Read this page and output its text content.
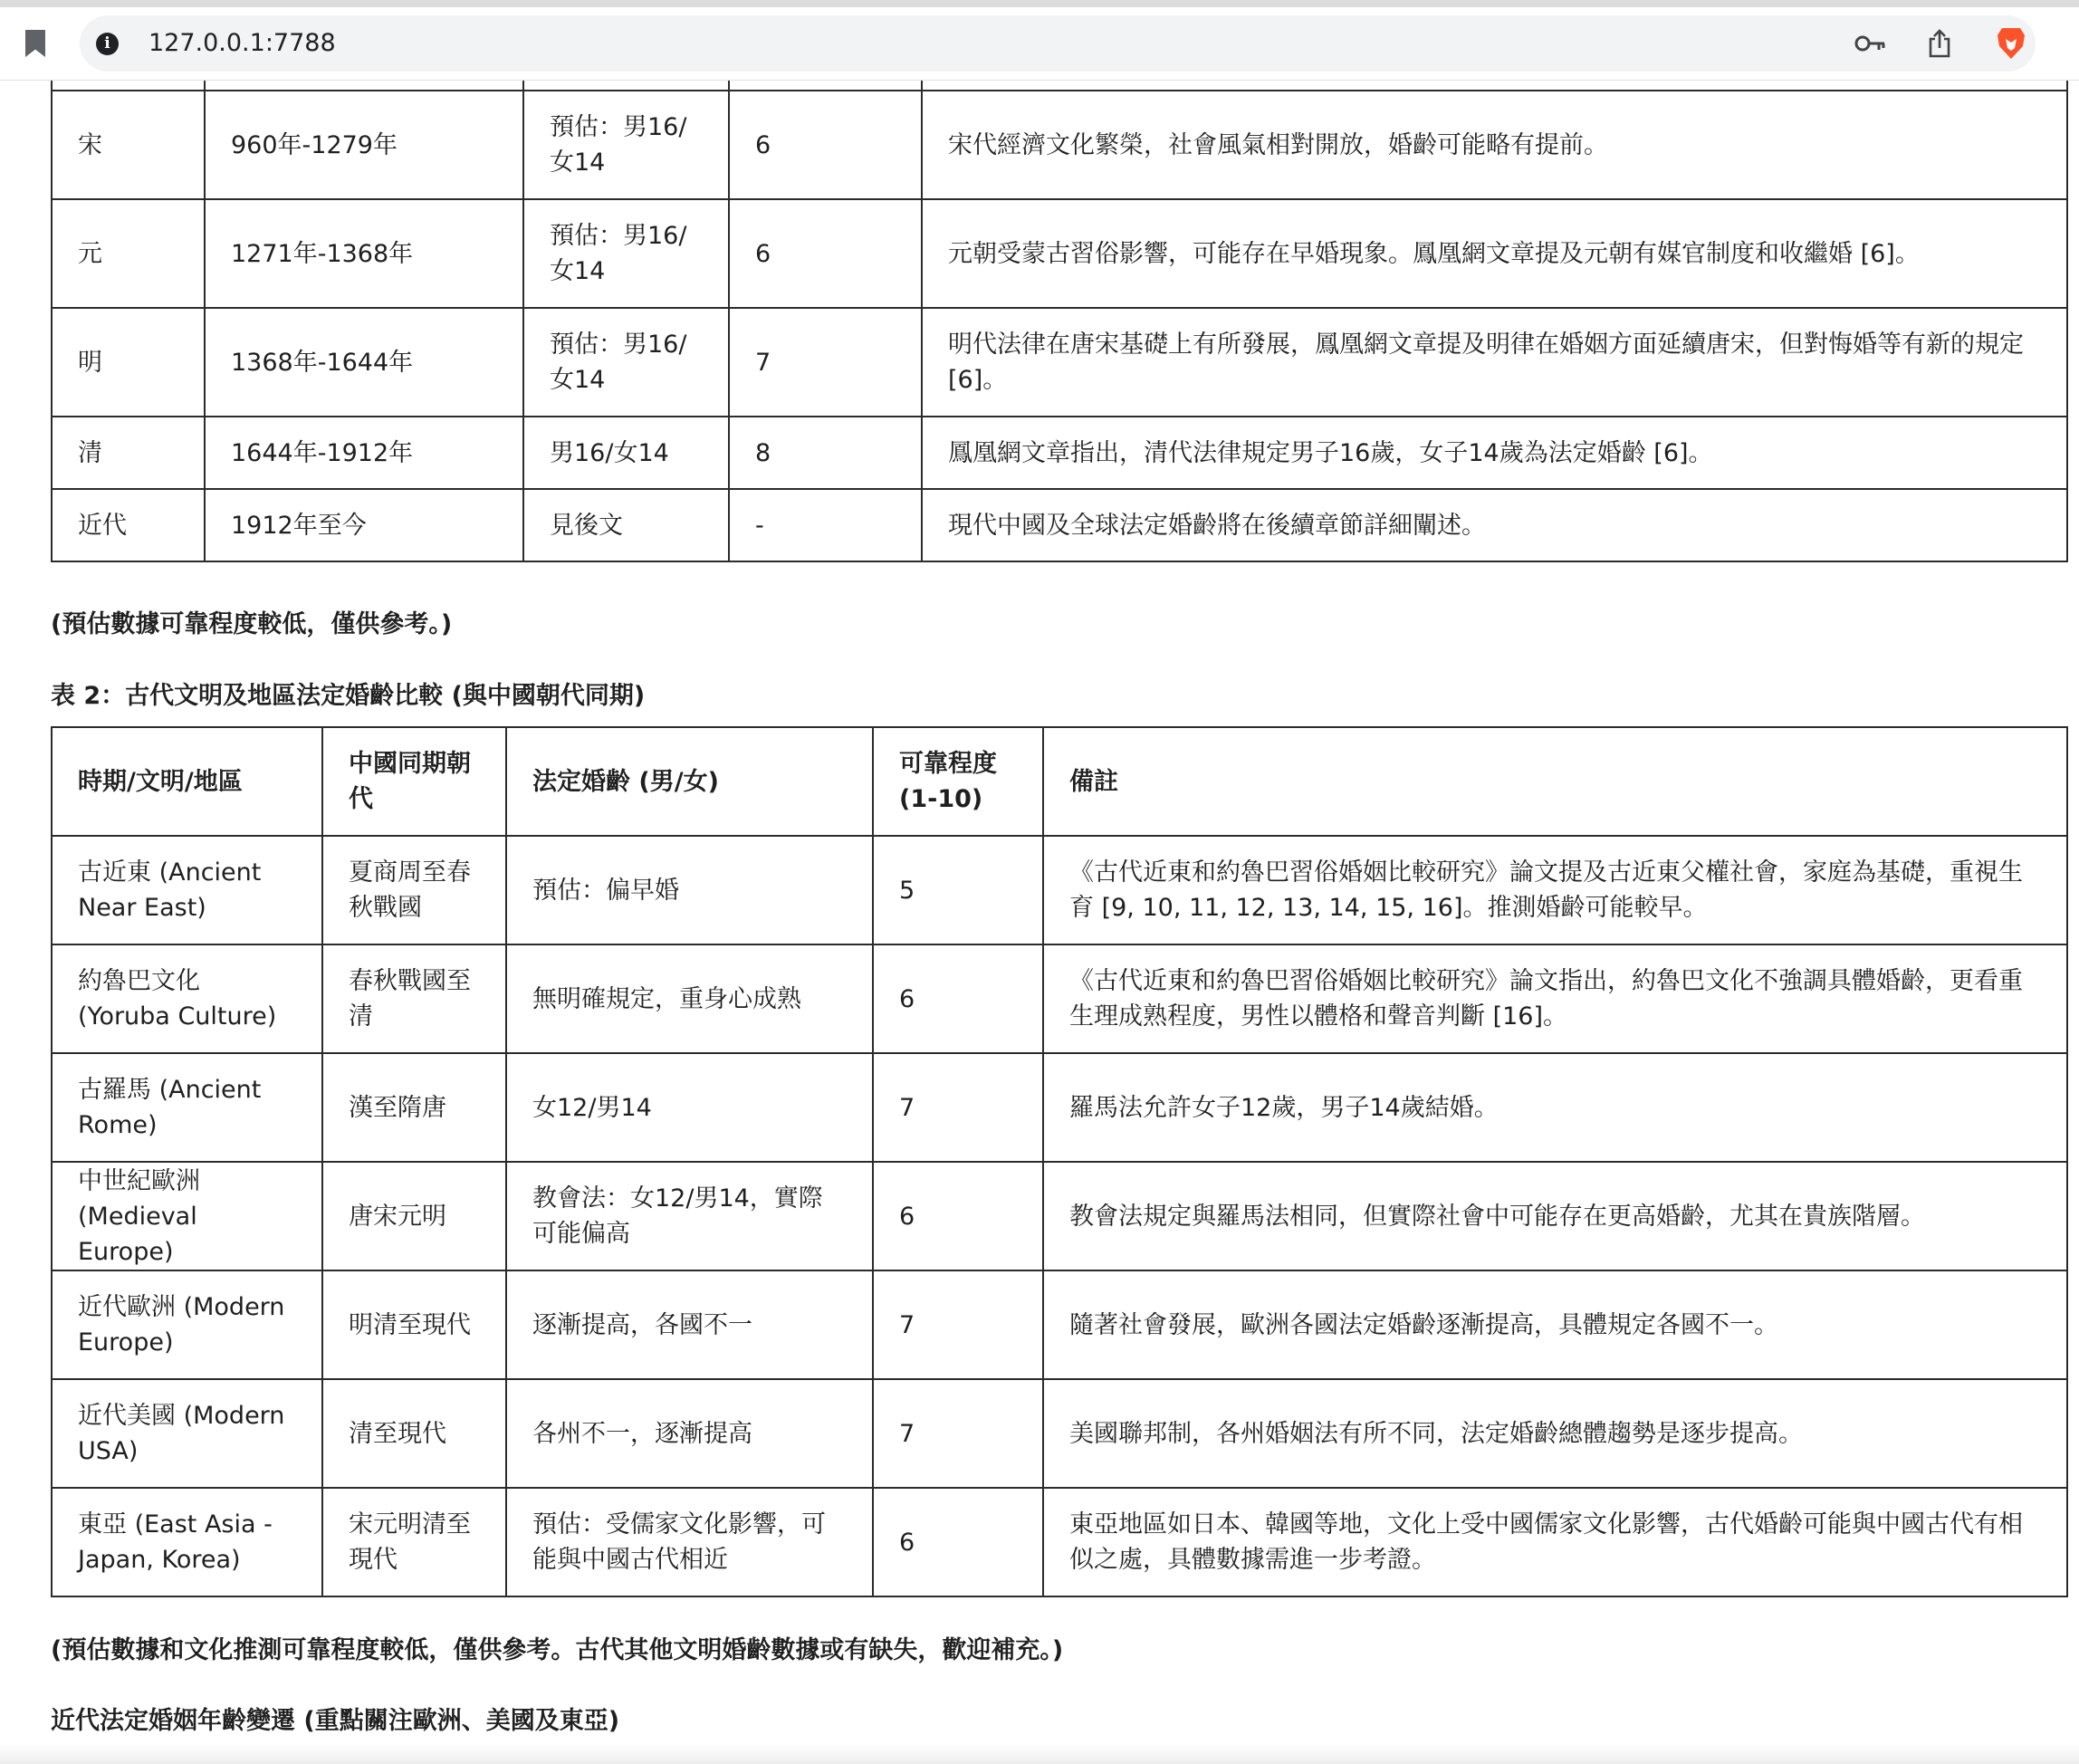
i	127.0.0.1:7788

宋	960年-1279年	預估：男16/女14	6	宋代經濟文化繁榮，社會風氣相對開放，婚齡可能略有提前。
元	1271年-1368年	預估：男16/女14	6	元朝受蒙古習俗影響，可能存在早婚現象。鳳凰網文章提及元朝有媒官制度和收繼婚 [6]。
明	1368年-1644年	預估：男16/女14	7	明代法律在唐宋基礎上有所發展，鳳凰網文章提及明律在婚姻方面延續唐宋，但對悔婚等有新的規定 [6]。
清	1644年-1912年	男16/女14	8	鳳凰網文章指出，清代法律規定男子16歲，女子14歲為法定婚齡 [6]。
近代	1912年至今	見後文	-	現代中國及全球法定婚齡將在後續章節詳細闡述。
(預估數據可靠程度較低，僅供參考。)
表 2：古代文明及地區法定婚齡比較 (與中國朝代同期)
時期/文明/地區	中國同期朝代	法定婚齡 (男/女)	可靠程度 (1-10)	備註
古近東 (Ancient Near East)	夏商周至春秋戰國	預估：偏早婚	5	《古代近東和約魯巴習俗婚姻比較研究》論文提及古近東父權社會，家庭為基礎，重視生育 [9, 10, 11, 12, 13, 14, 15, 16]。推測婚齡可能較早。
約魯巴文化 (Yoruba Culture)	春秋戰國至清	無明確規定，重身心成熟	6	《古代近東和約魯巴習俗婚姻比較研究》論文指出，約魯巴文化不強調具體婚齡，更看重生理成熟程度，男性以體格和聲音判斷 [16]。
古羅馬 (Ancient Rome)	漢至隋唐	女12/男14	7	羅馬法允許女子12歲，男子14歲結婚。
中世紀歐洲 (Medieval Europe)	唐宋元明	教會法：女12/男14，實際可能偏高	6	教會法規定與羅馬法相同，但實際社會中可能存在更高婚齡，尤其在貴族階層。
近代歐洲 (Modern Europe)	明清至現代	逐漸提高，各國不一	7	隨著社會發展，歐洲各國法定婚齡逐漸提高，具體規定各國不一。
近代美國 (Modern USA)	清至現代	各州不一，逐漸提高	7	美國聯邦制，各州婚姻法有所不同，法定婚齡總體趨勢是逐步提高。
東亞 (East Asia - Japan, Korea)	宋元明清至現代	預估：受儒家文化影響，可能與中國古代相近	6	東亞地區如日本、韓國等地，文化上受中國儒家文化影響，古代婚齡可能與中國古代有相似之處，具體數據需進一步考證。
(預估數據和文化推測可靠程度較低，僅供參考。古代其他文明婚齡數據或有缺失，歡迎補充。)
近代法定婚姻年齡變遷 (重點關注歐洲、美國及東亞)
